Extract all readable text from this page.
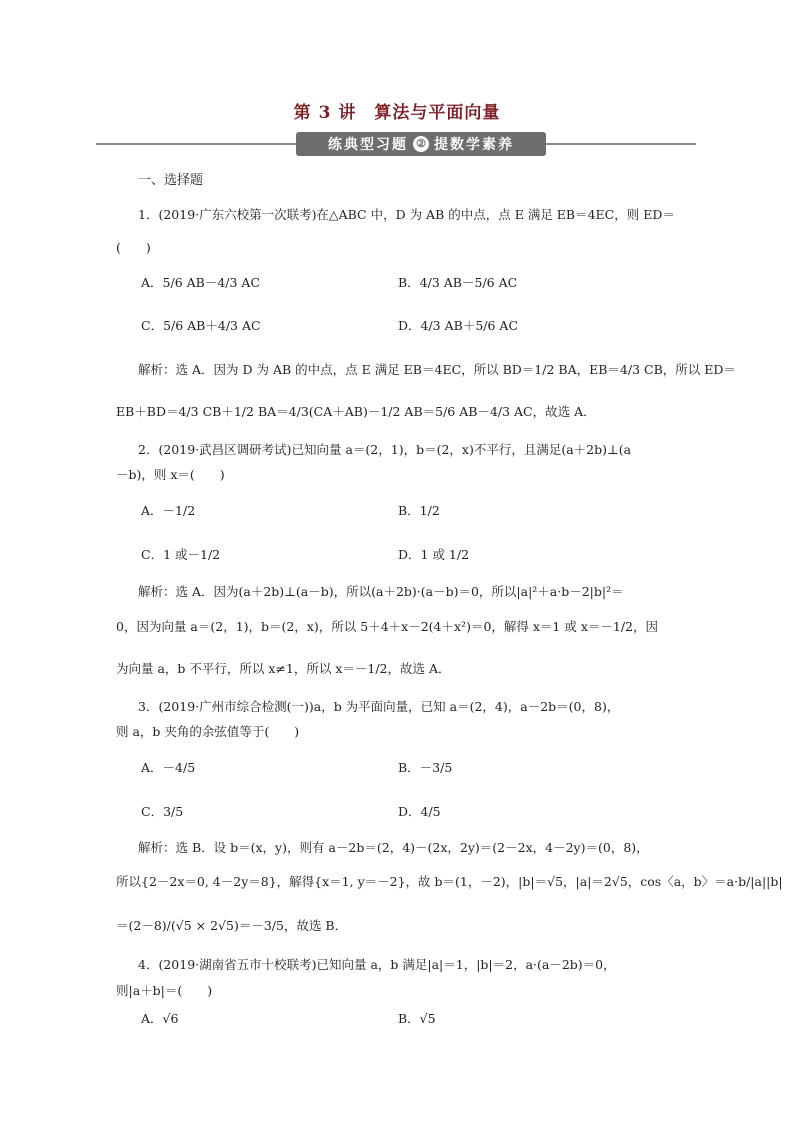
第 3 讲　算法与平面向量
练典型习题 ② 提数学素养
一、选择题
1．(2019·广东六校第一次联考)在△ABC 中，D 为 AB 的中点，点 E 满足 EB＝4EC，则 ED＝
(　　)
A．5/6 AB－4/3 AC	B．4/3 AB－5/6 AC
C．5/6 AB＋4/3 AC	D．4/3 AB＋5/6 AC
解析：选 A．因为 D 为 AB 的中点，点 E 满足 EB＝4EC，所以 BD＝1/2 BA，EB＝4/3 CB，所以 ED＝
EB＋BD＝4/3 CB＋1/2 BA＝4/3(CA＋AB)－1/2 AB＝5/6 AB－4/3 AC，故选 A．
2．(2019·武昌区调研考试)已知向量 a＝(2，1)，b＝(2，x)不平行，且满足(a＋2b)⊥(a
－b)，则 x＝(　　)
A．－1/2	B．1/2
C．1 或－1/2	D．1 或 1/2
解析：选 A．因为(a＋2b)⊥(a－b)，所以(a＋2b)·(a－b)＝0，所以|a|²＋a·b－2|b|²＝
0，因为向量 a＝(2，1)，b＝(2，x)，所以 5＋4＋x－2(4＋x²)＝0，解得 x＝1 或 x＝－1/2，因
为向量 a，b 不平行，所以 x≠1，所以 x＝－1/2，故选 A．
3．(2019·广州市综合检测(一))a，b 为平面向量，已知 a＝(2，4)，a－2b＝(0，8)，
则 a，b 夹角的余弦值等于(　　)
A．－4/5	B．－3/5
C．3/5	D．4/5
解析：选 B．设 b＝(x，y)，则有 a－2b＝(2，4)－(2x，2y)＝(2－2x，4－2y)＝(0，8)，
所以{2－2x＝0, 4－2y＝8}，解得{x＝1, y＝－2}，故 b＝(1，－2)，|b|＝√5，|a|＝2√5，cos〈a，b〉＝a·b/|a||b|
＝(2－8)/(√5 × 2√5)＝－3/5，故选 B．
4．(2019·湖南省五市十校联考)已知向量 a，b 满足|a|＝1，|b|＝2，a·(a－2b)＝0，
则|a＋b|＝(　　)
A．√6	B．√5
